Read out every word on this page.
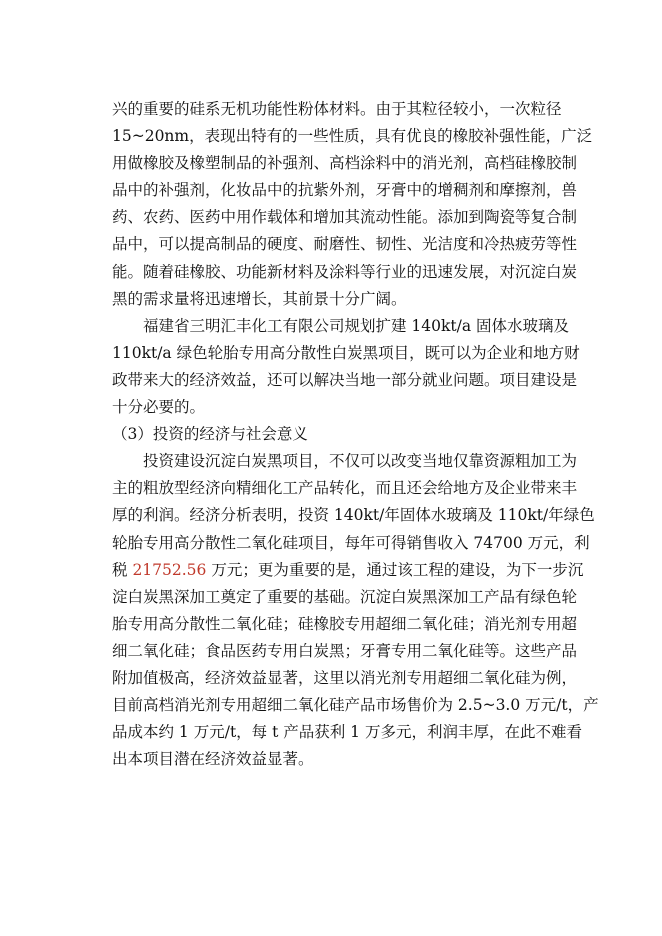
兴的重要的硅系无机功能性粉体材料。由于其粒径较小，一次粒径
15~20nm，表现出特有的一些性质，具有优良的橡胶补强性能，广泛
用做橡胶及橡塑制品的补强剂、高档涂料中的消光剂，高档硅橡胶制
品中的补强剂，化妆品中的抗紫外剂，牙膏中的增稠剂和摩擦剂，兽
药、农药、医药中用作载体和增加其流动性能。添加到陶瓷等复合制
品中，可以提高制品的硬度、耐磨性、韧性、光洁度和冷热疲劳等性
能。随着硅橡胶、功能新材料及涂料等行业的迅速发展，对沉淀白炭
黑的需求量将迅速增长，其前景十分广阔。
福建省三明汇丰化工有限公司规划扩建 140kt/a 固体水玻璃及
110kt/a 绿色轮胎专用高分散性白炭黑项目，既可以为企业和地方财
政带来大的经济效益，还可以解决当地一部分就业问题。项目建设是
十分必要的。
（3）投资的经济与社会意义
投资建设沉淀白炭黑项目，不仅可以改变当地仅靠资源粗加工为
主的粗放型经济向精细化工产品转化，而且还会给地方及企业带来丰
厚的利润。经济分析表明，投资 140kt/年固体水玻璃及 110kt/年绿色
轮胎专用高分散性二氧化硅项目，每年可得销售收入 74700 万元，利
税 21752.56 万元；更为重要的是，通过该工程的建设，为下一步沉
淀白炭黑深加工奠定了重要的基础。沉淀白炭黑深加工产品有绿色轮
胎专用高分散性二氧化硅；硅橡胶专用超细二氧化硅；消光剂专用超
细二氧化硅；食品医药专用白炭黑；牙膏专用二氧化硅等。这些产品
附加值极高，经济效益显著，这里以消光剂专用超细二氧化硅为例，
目前高档消光剂专用超细二氧化硅产品市场售价为 2.5~3.0 万元/t，产
品成本约 1 万元/t，每 t 产品获利 1 万多元，利润丰厚，在此不难看
出本项目潜在经济效益显著。
